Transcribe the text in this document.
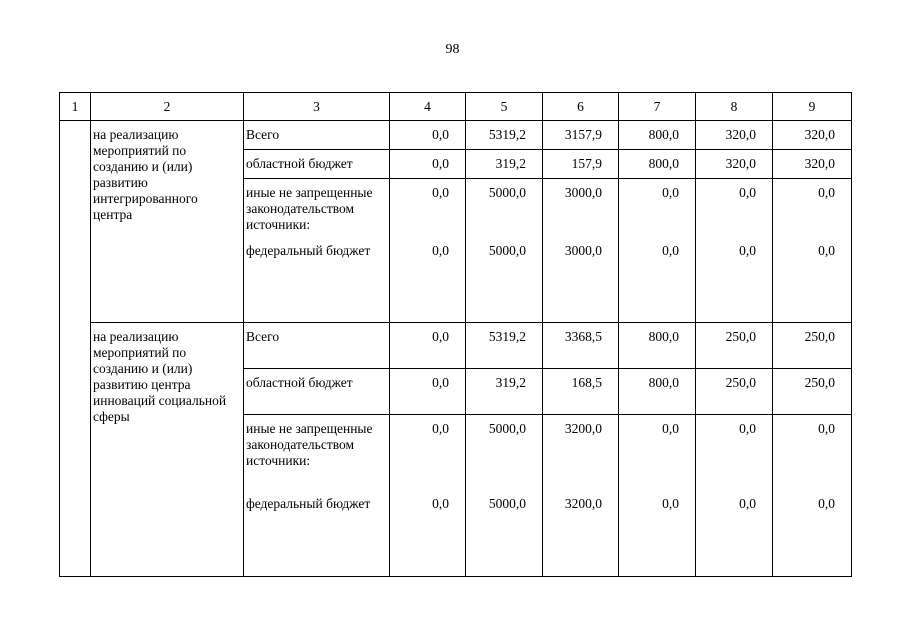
98
1	2	3	4	5	6	7	8	9
	на реализацию мероприятий по созданию и (или) развитию интегрированного центра	Всего	0,0	5319,2	3157,9	800,0	320,0	320,0
		областной бюджет	0,0	319,2	157,9	800,0	320,0	320,0
		иные не запрещенные законодательством источники:	0,0	5000,0	3000,0	0,0	0,0	0,0
		федеральный бюджет	0,0	5000,0	3000,0	0,0	0,0	0,0
	на реализацию мероприятий по созданию и (или) развитию центра инноваций социальной сферы	Всего	0,0	5319,2	3368,5	800,0	250,0	250,0
		областной бюджет	0,0	319,2	168,5	800,0	250,0	250,0
		иные не запрещенные законодательством источники:	0,0	5000,0	3200,0	0,0	0,0	0,0
		федеральный бюджет	0,0	5000,0	3200,0	0,0	0,0	0,0
